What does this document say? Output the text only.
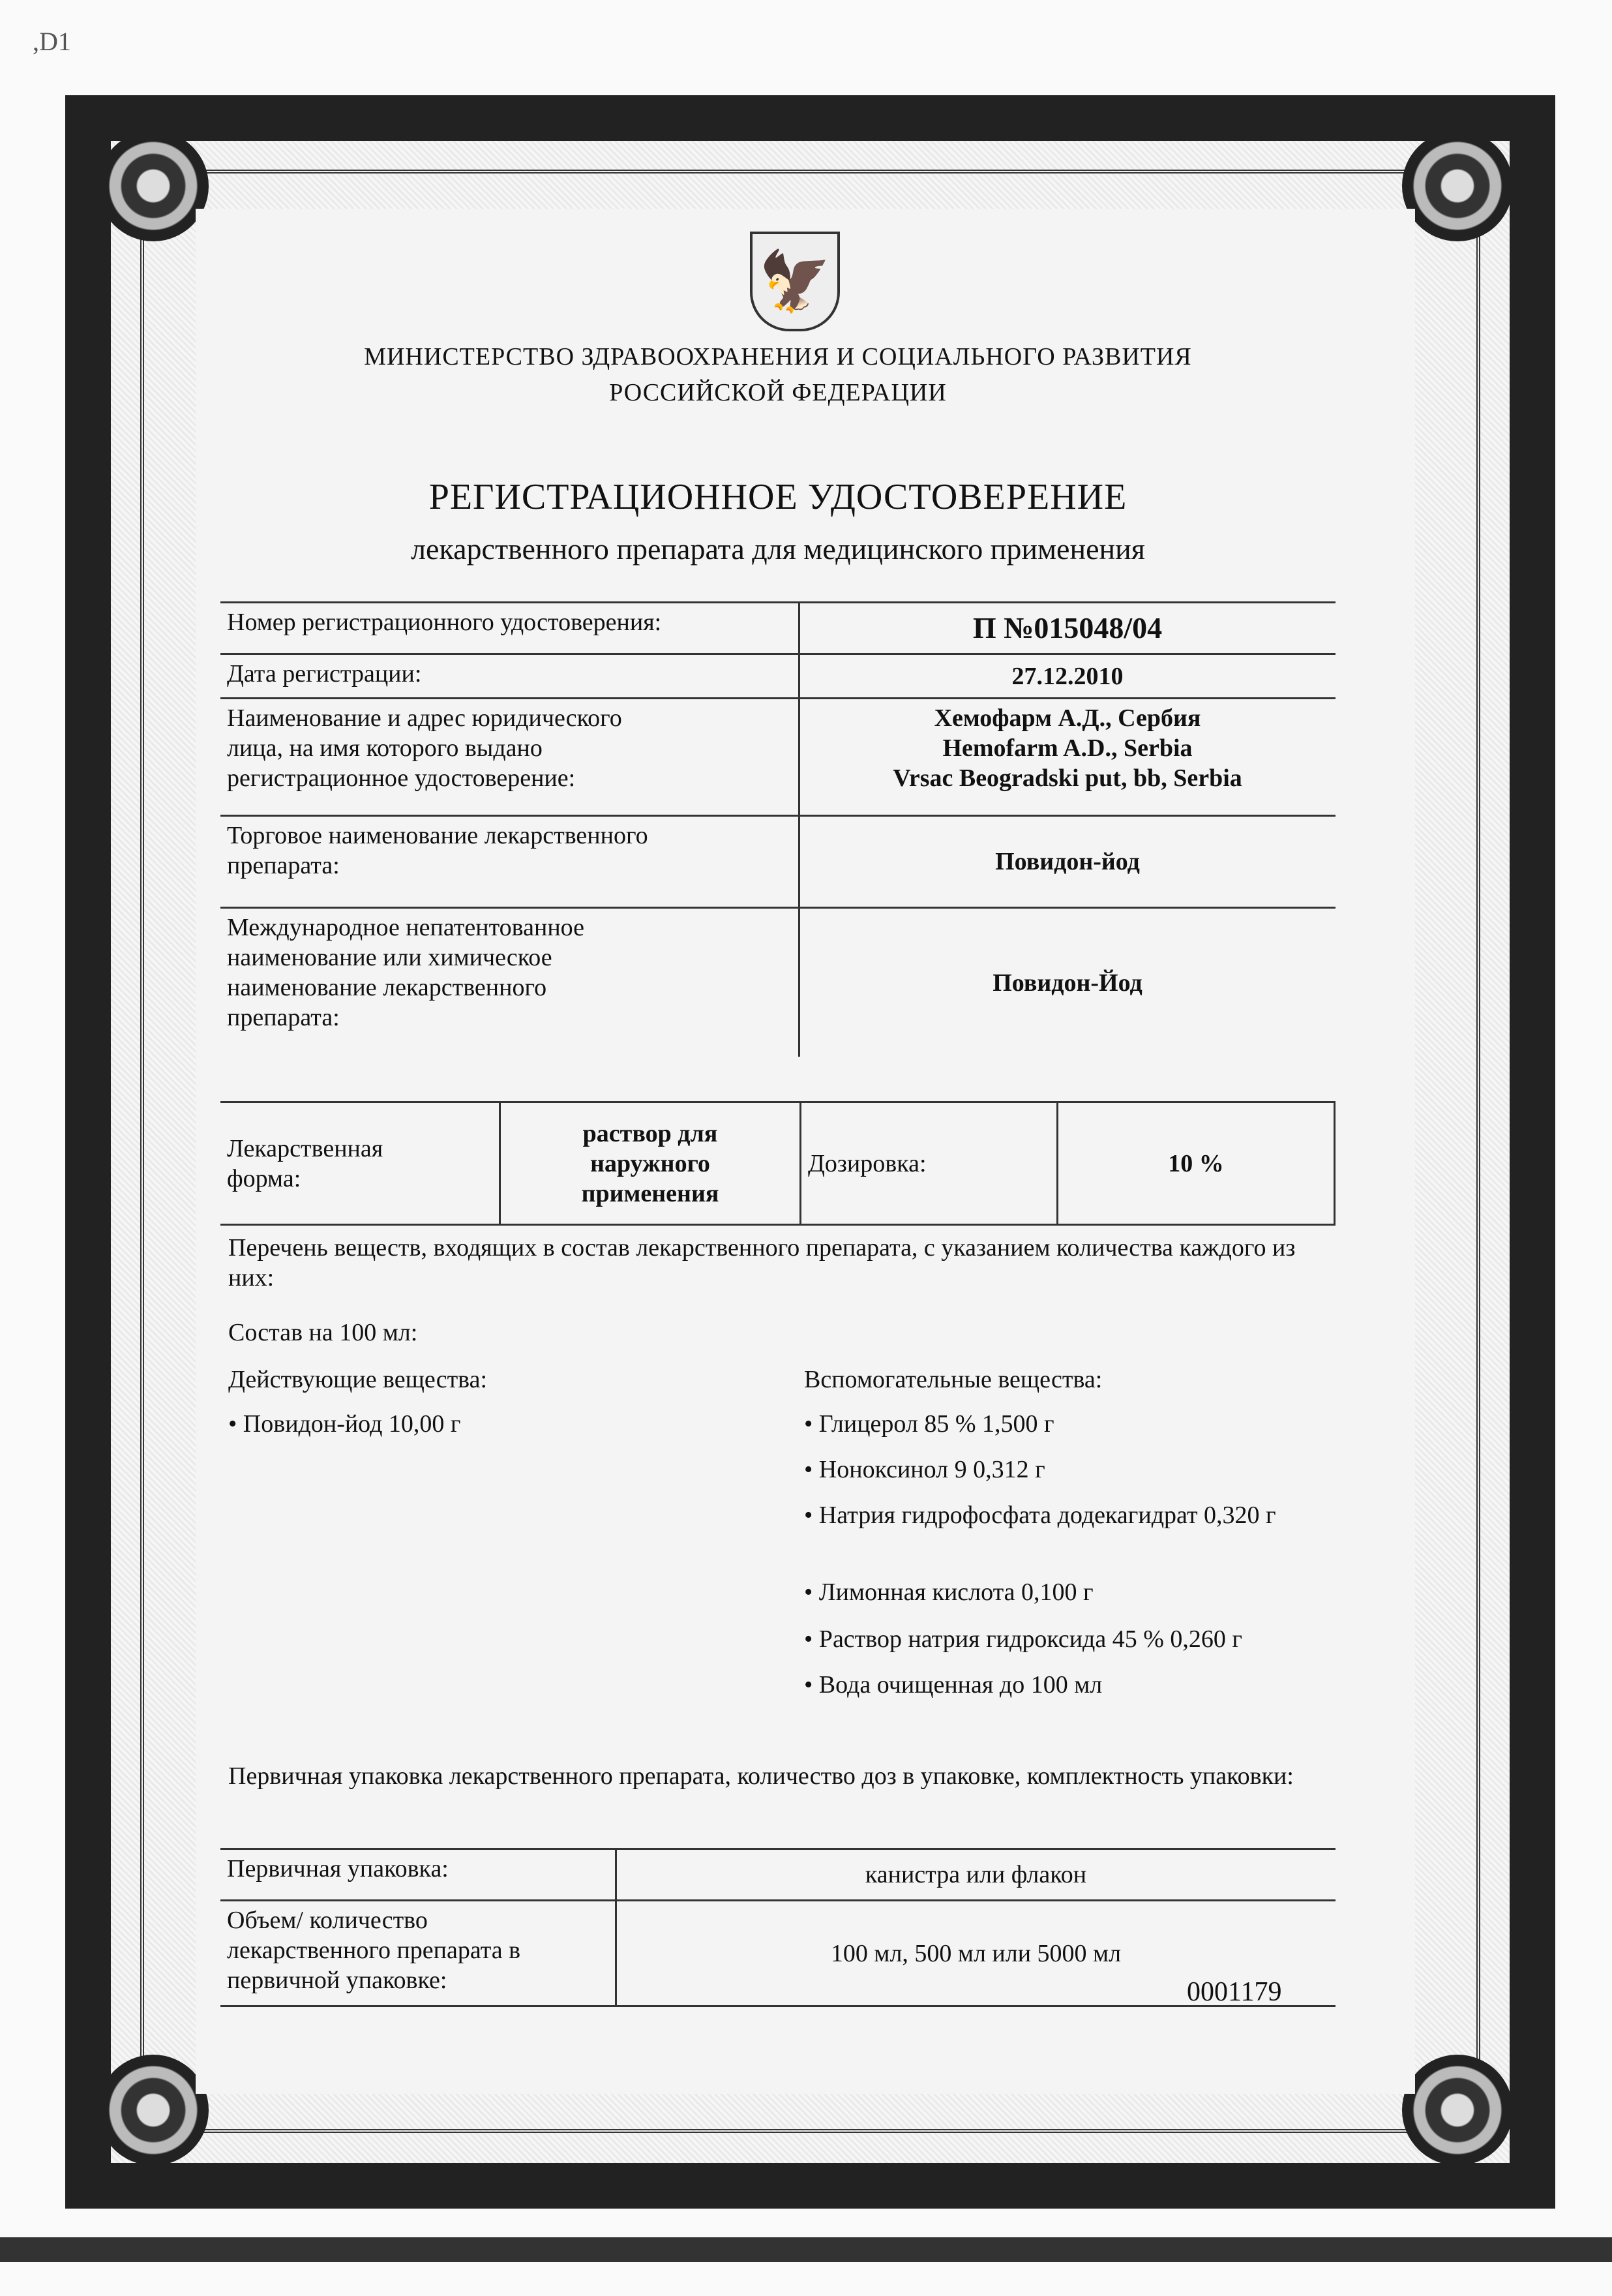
,D1
🦅
МИНИСТЕРСТВО ЗДРАВООХРАНЕНИЯ И СОЦИАЛЬНОГО РАЗВИТИЯ
РОССИЙСКОЙ ФЕДЕРАЦИИ
РЕГИСТРАЦИОННОЕ УДОСТОВЕРЕНИЕ
лекарственного препарата для медицинского применения
Номер регистрационного удостоверения:	П №015048/04
Дата регистрации:	27.12.2010
Наименование и адрес юридического лица, на имя которого выдано регистрационное удостоверение:
Хемофарм А.Д., Сербия
Hemofarm A.D., Serbia
Vrsac Beogradski put, bb, Serbia
Торговое наименование лекарственного препарата:	Повидон-йод
Международное непатентованное наименование или химическое наименование лекарственного препарата:
Повидон-Йод
Лекарственная форма:
раствор для наружного применения
Дозировка:	10 %
Перечень веществ, входящих в состав лекарственного препарата, с указанием количества каждого из них:
Состав на 100 мл:
Действующие вещества:
• Повидон-йод 10,00 г
Вспомогательные вещества:
• Глицерол 85 % 1,500 г
• Ноноксинол 9 0,312 г
• Натрия гидрофосфата додекагидрат 0,320 г
• Лимонная кислота 0,100 г
• Раствор натрия гидроксида 45 % 0,260 г
• Вода очищенная до 100 мл
Первичная упаковка лекарственного препарата, количество доз в упаковке, комплектность упаковки:
Первичная упаковка:	канистра или флакон
Объем/ количество лекарственного препарата в первичной упаковке:
100 мл, 500 мл или 5000 мл
0001179
